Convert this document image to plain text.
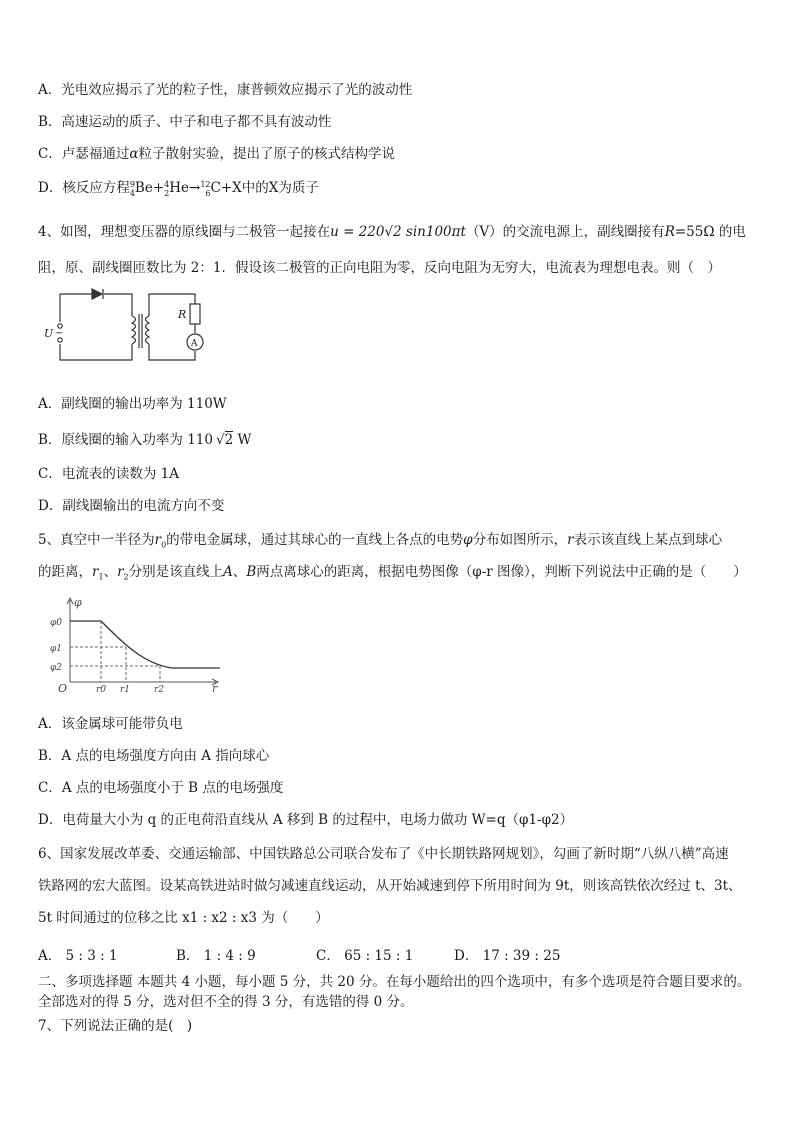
A．光电效应揭示了光的粒子性，康普顿效应揭示了光的波动性
B．高速运动的质子、中子和电子都不具有波动性
C．卢瑟福通过α粒子散射实验，提出了原子的核式结构学说
D．核反应方程9
4Be+4
2He→12
6C+X中的X为质子
4、如图，理想变压器的原线圈与二极管一起接在u = 220√2 sin100πt（V）的交流电源上，副线圈接有R=55Ω 的电
阻，原、副线圈匝数比为 2：1．假设该二极管的正向电阻为零，反向电阻为无穷大，电流表为理想电表。则（　）
U ~
R
A
A．副线圈的输出功率为 110W
B．原线圈的输入功率为 110 √2 W
C．电流表的读数为 1A
D．副线圈输出的电流方向不变
5、真空中一半径为$r_0$的带电金属球，通过其球心的一直线上各点的电势φ分布如图所示，r表示该直线上某点到球心
的距离，$r_1$、$r_2$分别是该直线上A、B两点离球心的距离，根据电势图像（φ-r 图像），判断下列说法中正确的是（　　）
φ
r
O
φ0
φ1
φ2
r0 r1	r2
A．该金属球可能带负电
B．A 点的电场强度方向由 A 指向球心
C．A 点的电场强度小于 B 点的电场强度
D．电荷量大小为 q 的正电荷沿直线从 A 移到 B 的过程中，电场力做功 W=q（φ1-φ2）
6、国家发展改革委、交通运输部、中国铁路总公司联合发布了《中长期铁路网规划》，勾画了新时期“八纵八横”高速
铁路网的宏大蓝图。设某高铁进站时做匀减速直线运动，从开始减速到停下所用时间为 9t，则该高铁依次经过 t、3t、
5t 时间通过的位移之比 x1 : x2 : x3 为（　　）
A． 5 : 3 : 1	B． 1 : 4 : 9	C． 65 : 15 : 1	D． 17 : 39 : 25
二、多项选择题 本题共 4 小题，每小题 5 分，共 20 分。在每小题给出的四个选项中，有多个选项是符合题目要求的。
全部选对的得 5 分，选对但不全的得 3 分，有选错的得 0 分。
7、下列说法正确的是(　)
